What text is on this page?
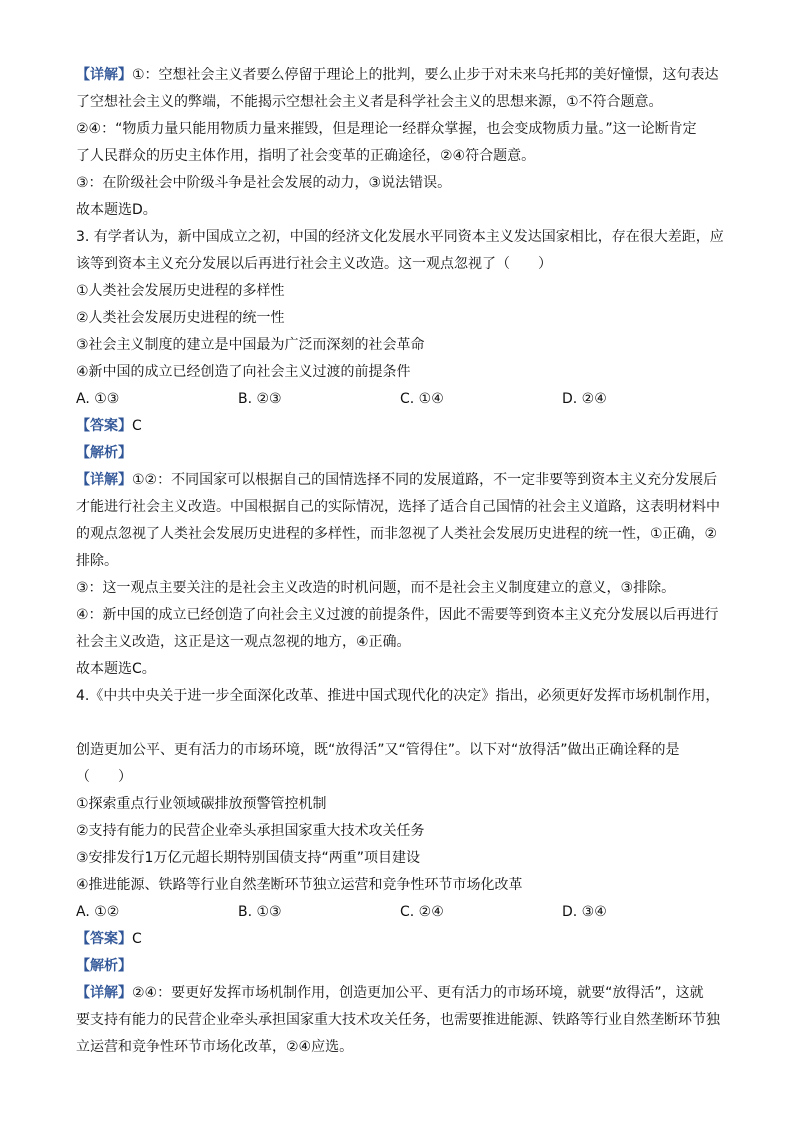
【详解】①：空想社会主义者要么停留于理论上的批判，要么止步于对未来乌托邦的美好憧憬，这句表达
了空想社会主义的弊端，不能揭示空想社会主义者是科学社会主义的思想来源，①不符合题意。
②④：“物质力量只能用物质力量来摧毁，但是理论一经群众掌握，也会变成物质力量。”这一论断肯定
了人民群众的历史主体作用，指明了社会变革的正确途径，②④符合题意。
③：在阶级社会中阶级斗争是社会发展的动力，③说法错误。
故本题选D。
3. 有学者认为，新中国成立之初，中国的经济文化发展水平同资本主义发达国家相比，存在很大差距，应
该等到资本主义充分发展以后再进行社会主义改造。这一观点忽视了（　　）
①人类社会发展历史进程的多样性
②人类社会发展历史进程的统一性
③社会主义制度的建立是中国最为广泛而深刻的社会革命
④新中国的成立已经创造了向社会主义过渡的前提条件
A. ①③	B. ②③	C. ①④	D. ②④
【答案】C
【解析】
【详解】①②：不同国家可以根据自己的国情选择不同的发展道路，不一定非要等到资本主义充分发展后
才能进行社会主义改造。中国根据自己的实际情况，选择了适合自己国情的社会主义道路，这表明材料中
的观点忽视了人类社会发展历史进程的多样性，而非忽视了人类社会发展历史进程的统一性，①正确，②
排除。
③：这一观点主要关注的是社会主义改造的时机问题，而不是社会主义制度建立的意义，③排除。
④：新中国的成立已经创造了向社会主义过渡的前提条件，因此不需要等到资本主义充分发展以后再进行
社会主义改造，这正是这一观点忽视的地方，④正确。
故本题选C。
4.《中共中央关于进一步全面深化改革、推进中国式现代化的决定》指出，必须更好发挥市场机制作用，
创造更加公平、更有活力的市场环境，既“放得活”又“管得住”。以下对“放得活”做出正确诠释的是
（　　）
①探索重点行业领域碳排放预警管控机制
②支持有能力的民营企业牵头承担国家重大技术攻关任务
③安排发行1万亿元超长期特别国债支持“两重”项目建设
④推进能源、铁路等行业自然垄断环节独立运营和竞争性环节市场化改革
A. ①②	B. ①③	C. ②④	D. ③④
【答案】C
【解析】
【详解】②④：要更好发挥市场机制作用，创造更加公平、更有活力的市场环境，就要“放得活”，这就
要支持有能力的民营企业牵头承担国家重大技术攻关任务，也需要推进能源、铁路等行业自然垄断环节独
立运营和竞争性环节市场化改革，②④应选。
